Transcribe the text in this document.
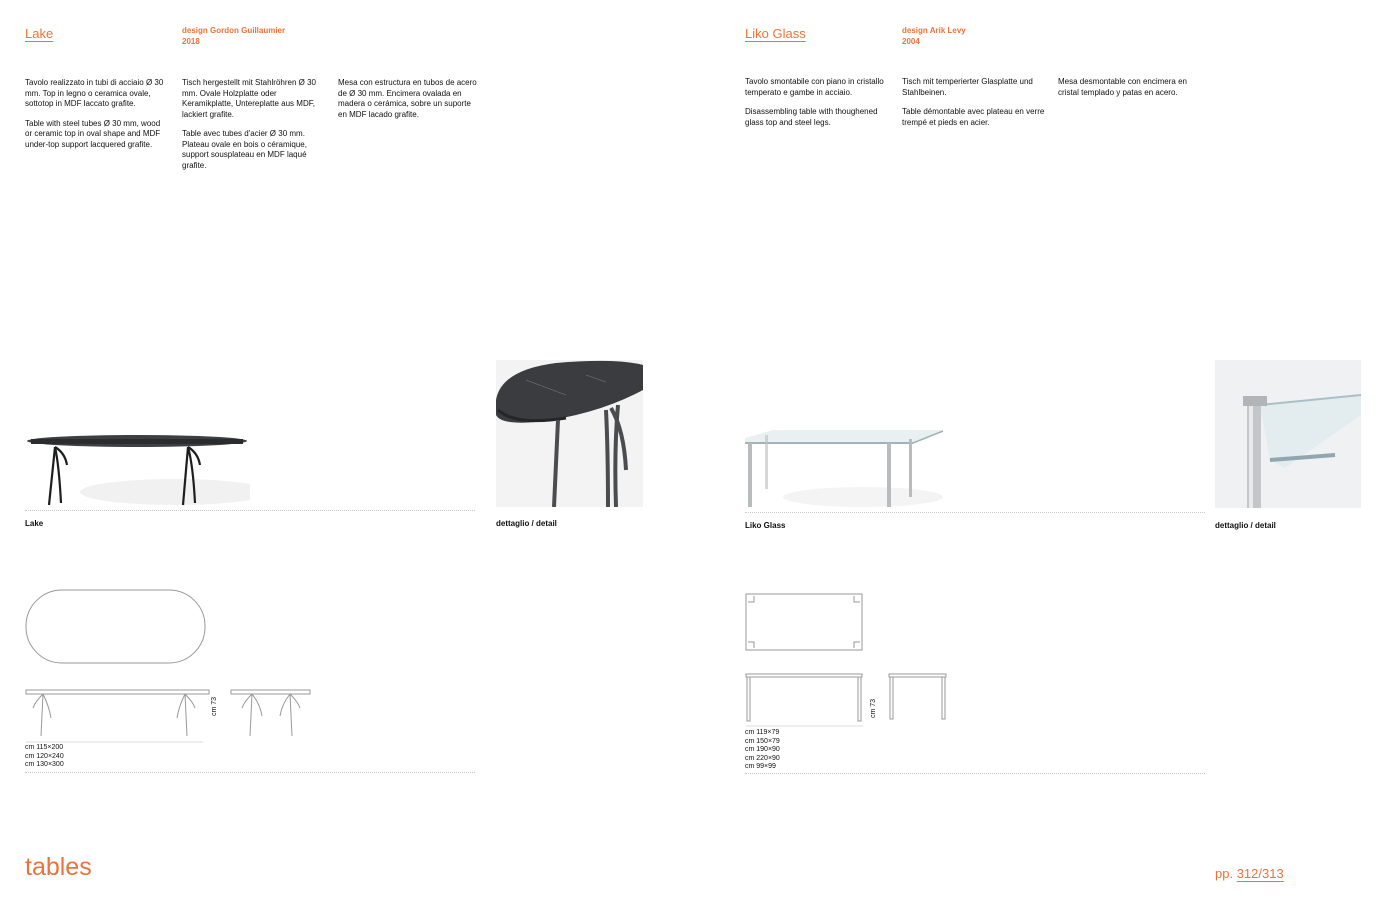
Lake	design Gordon Guillaumier
2018

Tavolo realizzato in tubi di acciaio Ø 30 mm. Top in legno o ceramica ovale, sottotop in MDF laccato grafite.

Table with steel tubes Ø 30 mm, wood or ceramic top in oval shape and MDF under-top support lacquered grafite.

Tisch hergestellt mit Stahlröhren Ø 30 mm. Ovale Holzplatte oder Keramikplatte, Untereplatte aus MDF, lackiert grafite.

Table avec tubes d'acier Ø 30 mm. Plateau ovale en bois o céramique, support sousplateau en MDF laqué grafite.

Mesa con estructura en tubos de acero de Ø 30 mm. Encimera ovalada en madera o cerámica, sobre un suporte en MDF lacado grafite.

Lake	dettaglio / detail
cm 73
cm 115×200
cm 120×240
cm 130×300
tables
Liko Glass	design Arik Levy
2004

Tavolo smontabile con piano in cristallo temperato e gambe in acciaio.

Disassembling table with thoughened glass top and steel legs.

Tisch mit temperierter Glasplatte und Stahlbeinen.

Table démontable avec plateau en verre trempé et pieds en acier.

Mesa desmontable con encimera en cristal templado y patas en acero.

Liko Glass	dettaglio / detail
cm 73
cm 119×79
cm 150×79
cm 190×90
cm 220×90
cm 99×99
pp. 312/313
